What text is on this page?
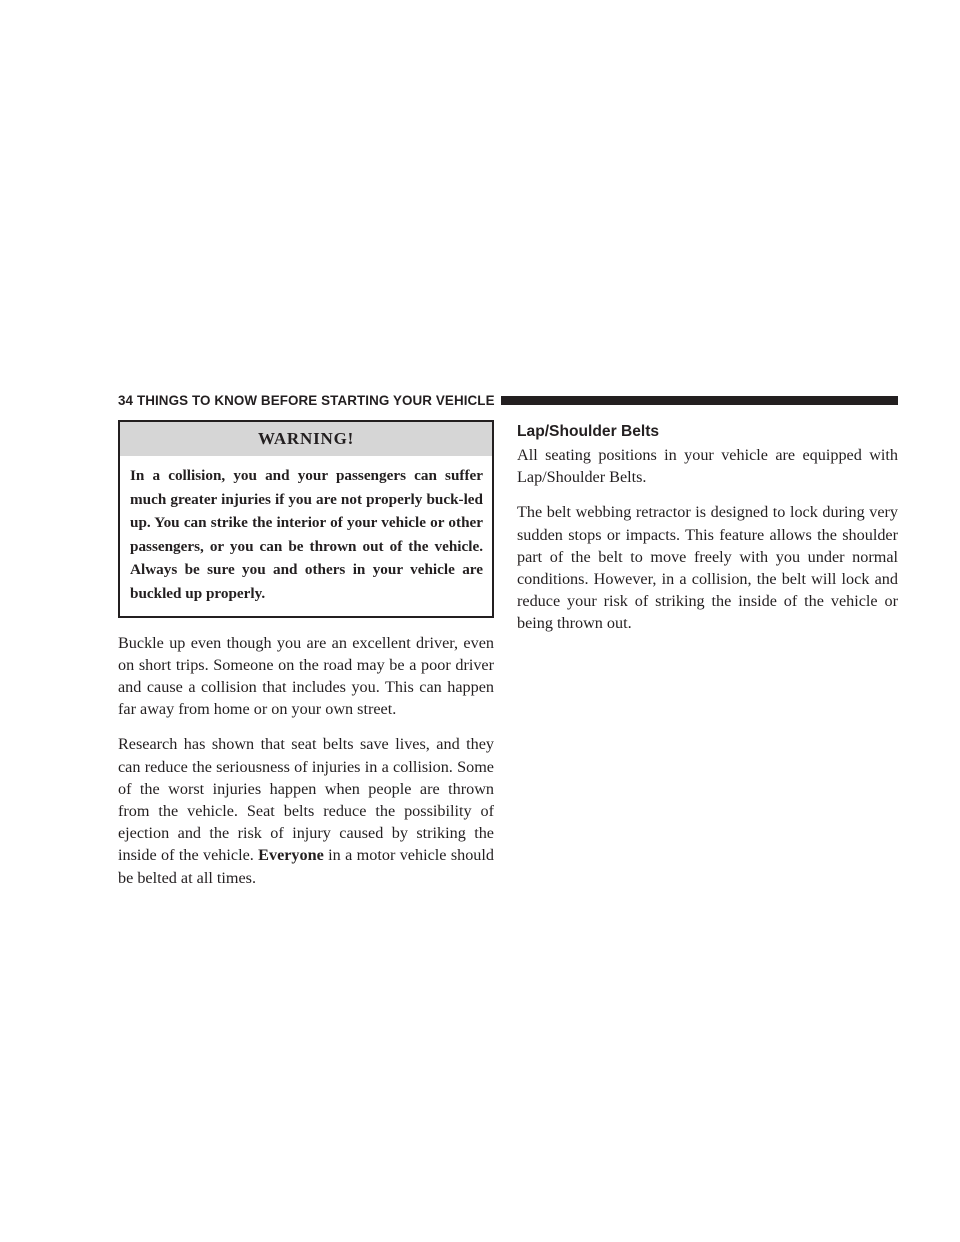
34 THINGS TO KNOW BEFORE STARTING YOUR VEHICLE
WARNING!
In a collision, you and your passengers can suffer much greater injuries if you are not properly buck-led up. You can strike the interior of your vehicle or other passengers, or you can be thrown out of the vehicle. Always be sure you and others in your vehicle are buckled up properly.

Buckle up even though you are an excellent driver, even on short trips. Someone on the road may be a poor driver and cause a collision that includes you. This can happen far away from home or on your own street.

Research has shown that seat belts save lives, and they can reduce the seriousness of injuries in a collision. Some of the worst injuries happen when people are thrown from the vehicle. Seat belts reduce the possibility of ejection and the risk of injury caused by striking the inside of the vehicle. Everyone in a motor vehicle should be belted at all times.

Lap/Shoulder Belts

All seating positions in your vehicle are equipped with Lap/Shoulder Belts.

The belt webbing retractor is designed to lock during very sudden stops or impacts. This feature allows the shoulder part of the belt to move freely with you under normal conditions. However, in a collision, the belt will lock and reduce your risk of striking the inside of the vehicle or being thrown out.
